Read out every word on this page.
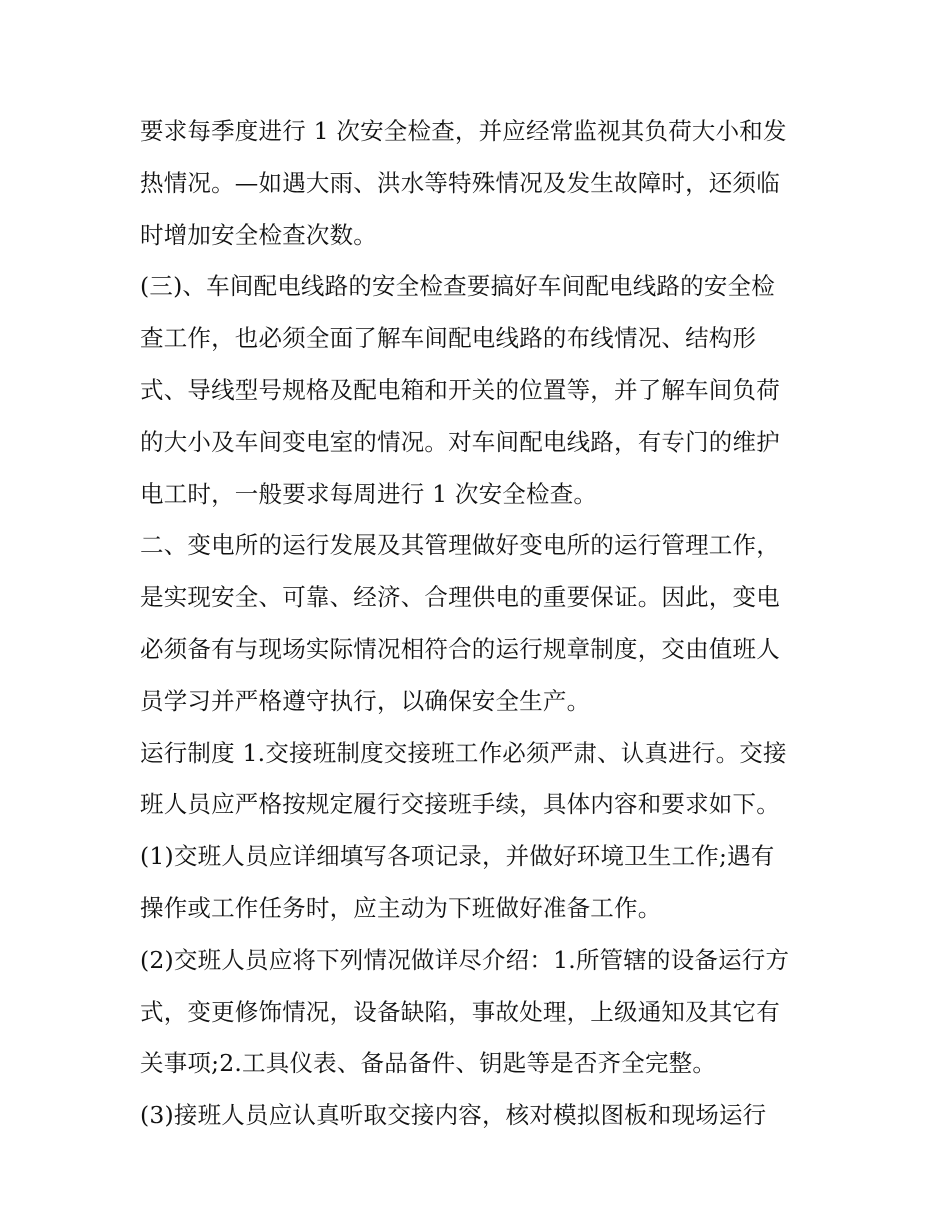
要求每季度进行 1 次安全检查，并应经常监视其负荷大小和发
热情况。—如遇大雨、洪水等特殊情况及发生故障时，还须临
时增加安全检查次数。
(三)、车间配电线路的安全检查要搞好车间配电线路的安全检
查工作，也必须全面了解车间配电线路的布线情况、结构形
式、导线型号规格及配电箱和开关的位置等，并了解车间负荷
的大小及车间变电室的情况。对车间配电线路，有专门的维护
电工时，一般要求每周进行 1 次安全检查。
二、变电所的运行发展及其管理做好变电所的运行管理工作，
是实现安全、可靠、经济、合理供电的重要保证。因此，变电
必须备有与现场实际情况相符合的运行规章制度，交由值班人
员学习并严格遵守执行，以确保安全生产。
运行制度 1.交接班制度交接班工作必须严肃、认真进行。交接
班人员应严格按规定履行交接班手续，具体内容和要求如下。
(1)交班人员应详细填写各项记录，并做好环境卫生工作;遇有
操作或工作任务时，应主动为下班做好准备工作。
(2)交班人员应将下列情况做详尽介绍：1.所管辖的设备运行方
式，变更修饰情况，设备缺陷，事故处理，上级通知及其它有
关事项;2.工具仪表、备品备件、钥匙等是否齐全完整。
(3)接班人员应认真听取交接内容，核对模拟图板和现场运行
